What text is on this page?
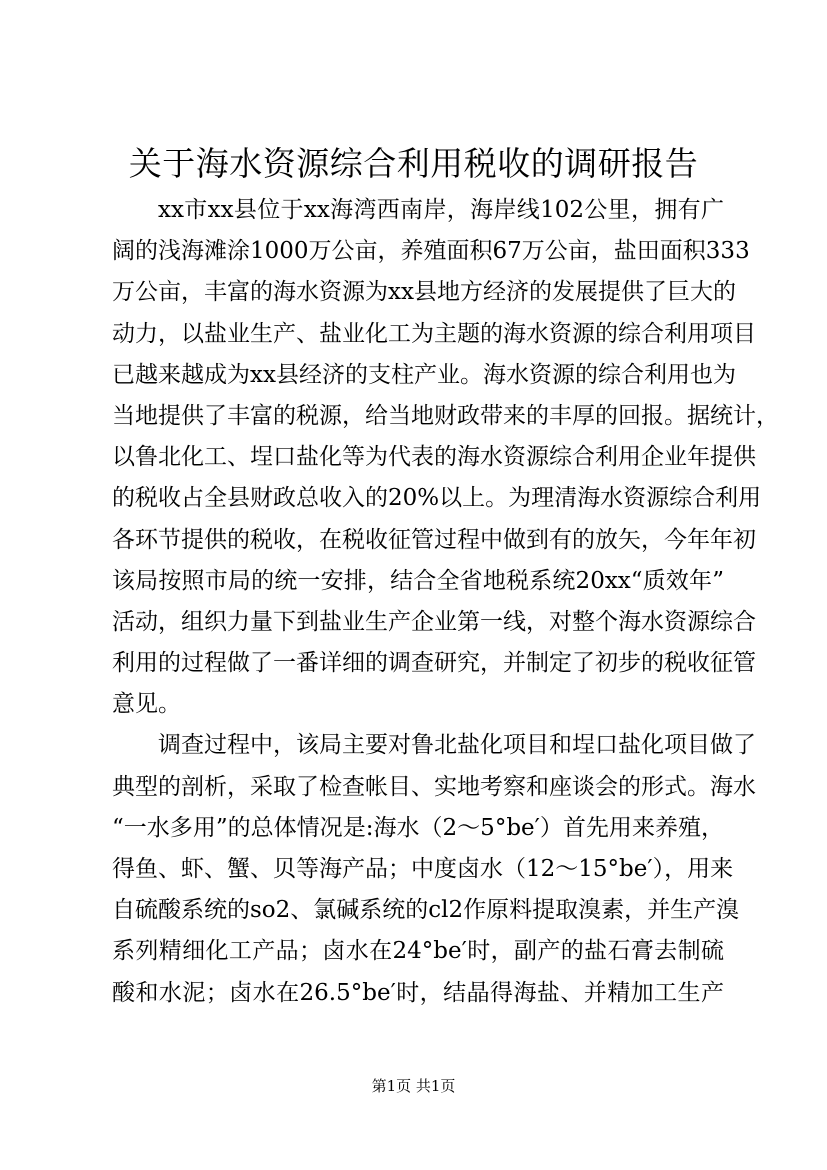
关于海水资源综合利用税收的调研报告
xx市xx县位于xx海湾西南岸，海岸线102公里，拥有广
阔的浅海滩涂1000万公亩，养殖面积67万公亩，盐田面积333
万公亩，丰富的海水资源为xx县地方经济的发展提供了巨大的
动力，以盐业生产、盐业化工为主题的海水资源的综合利用项目
已越来越成为xx县经济的支柱产业。海水资源的综合利用也为
当地提供了丰富的税源，给当地财政带来的丰厚的回报。据统计，
以鲁北化工、埕口盐化等为代表的海水资源综合利用企业年提供
的税收占全县财政总收入的20%以上。为理清海水资源综合利用
各环节提供的税收，在税收征管过程中做到有的放矢，今年年初
该局按照市局的统一安排，结合全省地税系统20xx“质效年”
活动，组织力量下到盐业生产企业第一线，对整个海水资源综合
利用的过程做了一番详细的调查研究，并制定了初步的税收征管
意见。
调查过程中，该局主要对鲁北盐化项目和埕口盐化项目做了
典型的剖析，采取了检查帐目、实地考察和座谈会的形式。海水
“一水多用”的总体情况是:海水（2～5°be′）首先用来养殖，
得鱼、虾、蟹、贝等海产品；中度卤水（12～15°be′），用来
自硫酸系统的so2、氯碱系统的cl2作原料提取溴素，并生产溴
系列精细化工产品；卤水在24°be′时，副产的盐石膏去制硫
酸和水泥；卤水在26.5°be′时，结晶得海盐、并精加工生产
第1页 共1页
